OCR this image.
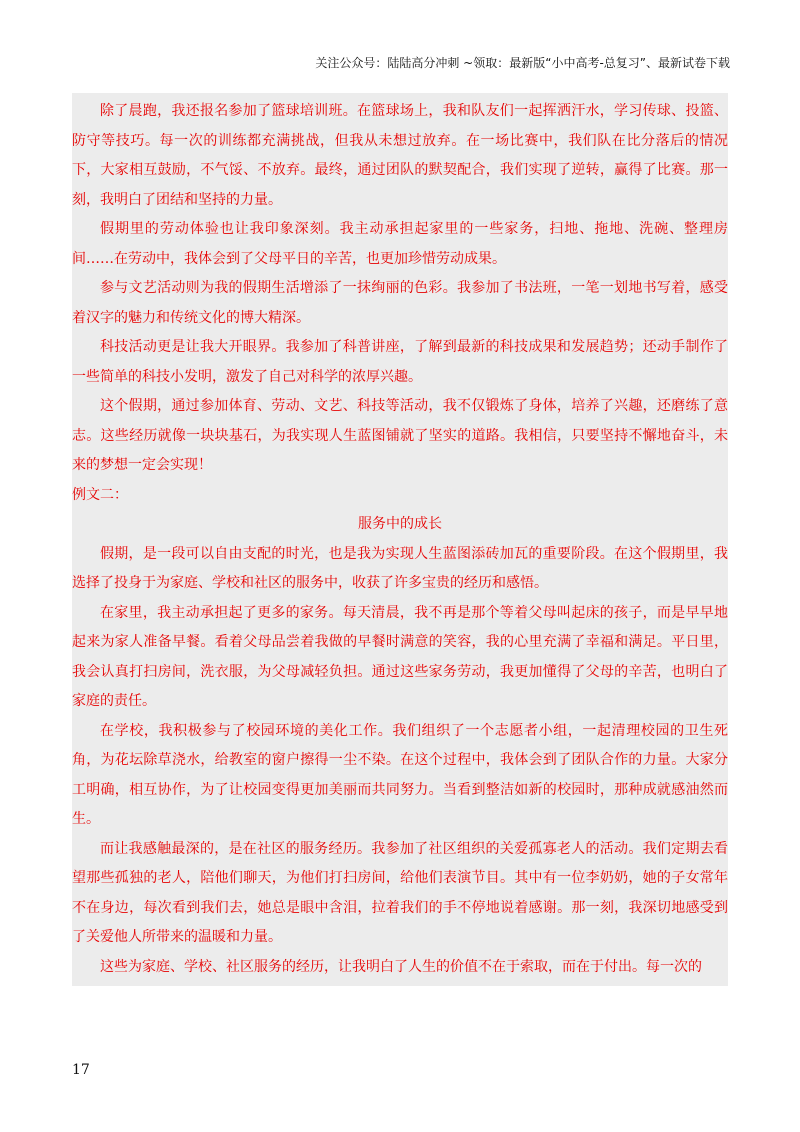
关注公众号：陆陆高分冲刺 ~领取：最新版“小中高考-总复习”、最新试卷下载

除了晨跑，我还报名参加了篮球培训班。在篮球场上，我和队友们一起挥洒汗水，学习传球、投篮、防守等技巧。每一次的训练都充满挑战，但我从未想过放弃。在一场比赛中，我们队在比分落后的情况下，大家相互鼓励，不气馁、不放弃。最终，通过团队的默契配合，我们实现了逆转，赢得了比赛。那一刻，我明白了团结和坚持的力量。

假期里的劳动体验也让我印象深刻。我主动承担起家里的一些家务，扫地、拖地、洗碗、整理房间……在劳动中，我体会到了父母平日的辛苦，也更加珍惜劳动成果。

参与文艺活动则为我的假期生活增添了一抹绚丽的色彩。我参加了书法班，一笔一划地书写着，感受着汉字的魅力和传统文化的博大精深。

科技活动更是让我大开眼界。我参加了科普讲座，了解到最新的科技成果和发展趋势；还动手制作了一些简单的科技小发明，激发了自己对科学的浓厚兴趣。

这个假期，通过参加体育、劳动、文艺、科技等活动，我不仅锻炼了身体，培养了兴趣，还磨练了意志。这些经历就像一块块基石，为我实现人生蓝图铺就了坚实的道路。我相信，只要坚持不懈地奋斗，未来的梦想一定会实现！

例文二：

服务中的成长

假期，是一段可以自由支配的时光，也是我为实现人生蓝图添砖加瓦的重要阶段。在这个假期里，我选择了投身于为家庭、学校和社区的服务中，收获了许多宝贵的经历和感悟。

在家里，我主动承担起了更多的家务。每天清晨，我不再是那个等着父母叫起床的孩子，而是早早地起来为家人准备早餐。看着父母品尝着我做的早餐时满意的笑容，我的心里充满了幸福和满足。平日里，我会认真打扫房间，洗衣服，为父母减轻负担。通过这些家务劳动，我更加懂得了父母的辛苦，也明白了家庭的责任。

在学校，我积极参与了校园环境的美化工作。我们组织了一个志愿者小组，一起清理校园的卫生死角，为花坛除草浇水，给教室的窗户擦得一尘不染。在这个过程中，我体会到了团队合作的力量。大家分工明确，相互协作，为了让校园变得更加美丽而共同努力。当看到整洁如新的校园时，那种成就感油然而生。

而让我感触最深的，是在社区的服务经历。我参加了社区组织的关爱孤寡老人的活动。我们定期去看望那些孤独的老人，陪他们聊天，为他们打扫房间，给他们表演节目。其中有一位李奶奶，她的子女常年不在身边，每次看到我们去，她总是眼中含泪，拉着我们的手不停地说着感谢。那一刻，我深切地感受到了关爱他人所带来的温暖和力量。

这些为家庭、学校、社区服务的经历，让我明白了人生的价值不在于索取，而在于付出。每一次的

17
